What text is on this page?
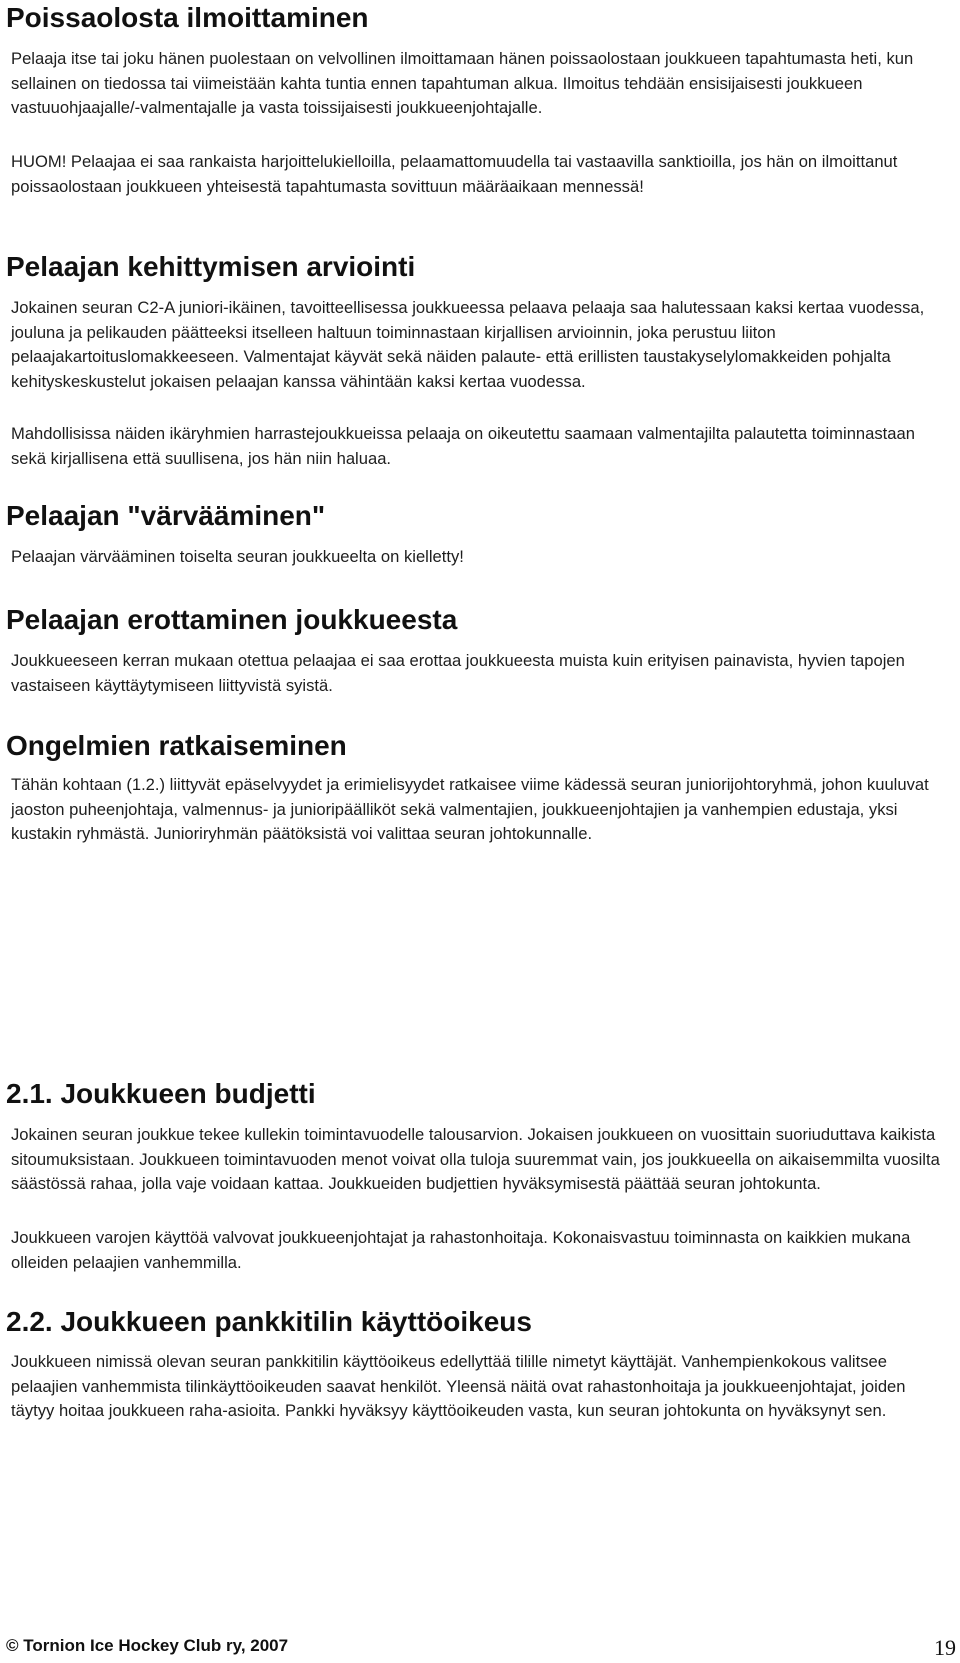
Poissaolosta ilmoittaminen

Pelaaja itse tai joku hänen puolestaan on velvollinen ilmoittamaan hänen poissaolostaan joukkueen tapahtumasta heti, kun sellainen on tiedossa tai viimeistään kahta tuntia ennen tapahtuman alkua. Ilmoitus tehdään ensisijaisesti joukkueen vastuuohjaajalle/-valmentajalle ja vasta toissijaisesti joukkueenjohtajalle.

HUOM! Pelaajaa ei saa rankaista harjoittelukielloilla, pelaamattomuudella tai vastaavilla sanktioilla, jos hän on ilmoittanut poissaolostaan joukkueen yhteisestä tapahtumasta sovittuun määräaikaan mennessä!

Pelaajan kehittymisen arviointi

Jokainen seuran C2-A juniori-ikäinen, tavoitteellisessa joukkueessa pelaava pelaaja saa halutessaan kaksi kertaa vuodessa, jouluna ja pelikauden päätteeksi itselleen haltuun toiminnastaan kirjallisen arvioinnin, joka perustuu liiton pelaajakartoituslomakkeeseen. Valmentajat käyvät sekä näiden palaute- että erillisten taustakyselylomakkeiden pohjalta kehityskeskustelut jokaisen pelaajan kanssa vähintään kaksi kertaa vuodessa.

Mahdollisissa näiden ikäryhmien harrastejoukkueissa pelaaja on oikeutettu saamaan valmentajilta palautetta toiminnastaan sekä kirjallisena että suullisena, jos hän niin haluaa.

Pelaajan "värvääminen"

Pelaajan värvääminen toiselta seuran joukkueelta on kielletty!

Pelaajan erottaminen joukkueesta

Joukkueeseen kerran mukaan otettua pelaajaa ei saa erottaa joukkueesta muista kuin erityisen painavista, hyvien tapojen vastaiseen käyttäytymiseen liittyvistä syistä.

Ongelmien ratkaiseminen

Tähän kohtaan (1.2.) liittyvät epäselvyydet ja erimielisyydet ratkaisee viime kädessä seuran juniorijohtoryhmä, johon kuuluvat jaoston puheenjohtaja, valmennus- ja junioripäälliköt sekä valmentajien, joukkueenjohtajien ja vanhempien edustaja, yksi kustakin ryhmästä. Junioriryhmän päätöksistä voi valittaa seuran johtokunnalle.

2.1. Joukkueen budjetti

Jokainen seuran joukkue tekee kullekin toimintavuodelle talousarvion. Jokaisen joukkueen on vuosittain suoriuduttava kaikista sitoumuksistaan. Joukkueen toimintavuoden menot voivat olla tuloja suuremmat vain, jos joukkueella on aikaisemmilta vuosilta säästössä rahaa, jolla vaje voidaan kattaa. Joukkueiden budjettien hyväksymisestä päättää seuran johtokunta.

Joukkueen varojen käyttöä valvovat joukkueenjohtajat ja rahastonhoitaja. Kokonaisvastuu toiminnasta on kaikkien mukana olleiden pelaajien vanhemmilla.

2.2. Joukkueen pankkitilin käyttöoikeus

Joukkueen nimissä olevan seuran pankkitilin käyttöoikeus edellyttää tilille nimetyt käyttäjät. Vanhempienkokous valitsee pelaajien vanhemmista tilinkäyttöoikeuden saavat henkilöt. Yleensä näitä ovat rahastonhoitaja ja joukkueenjohtajat, joiden täytyy hoitaa joukkueen raha-asioita. Pankki hyväksyy käyttöoikeuden vasta, kun seuran johtokunta on hyväksynyt sen.

© Tornion Ice Hockey Club ry, 2007	19
